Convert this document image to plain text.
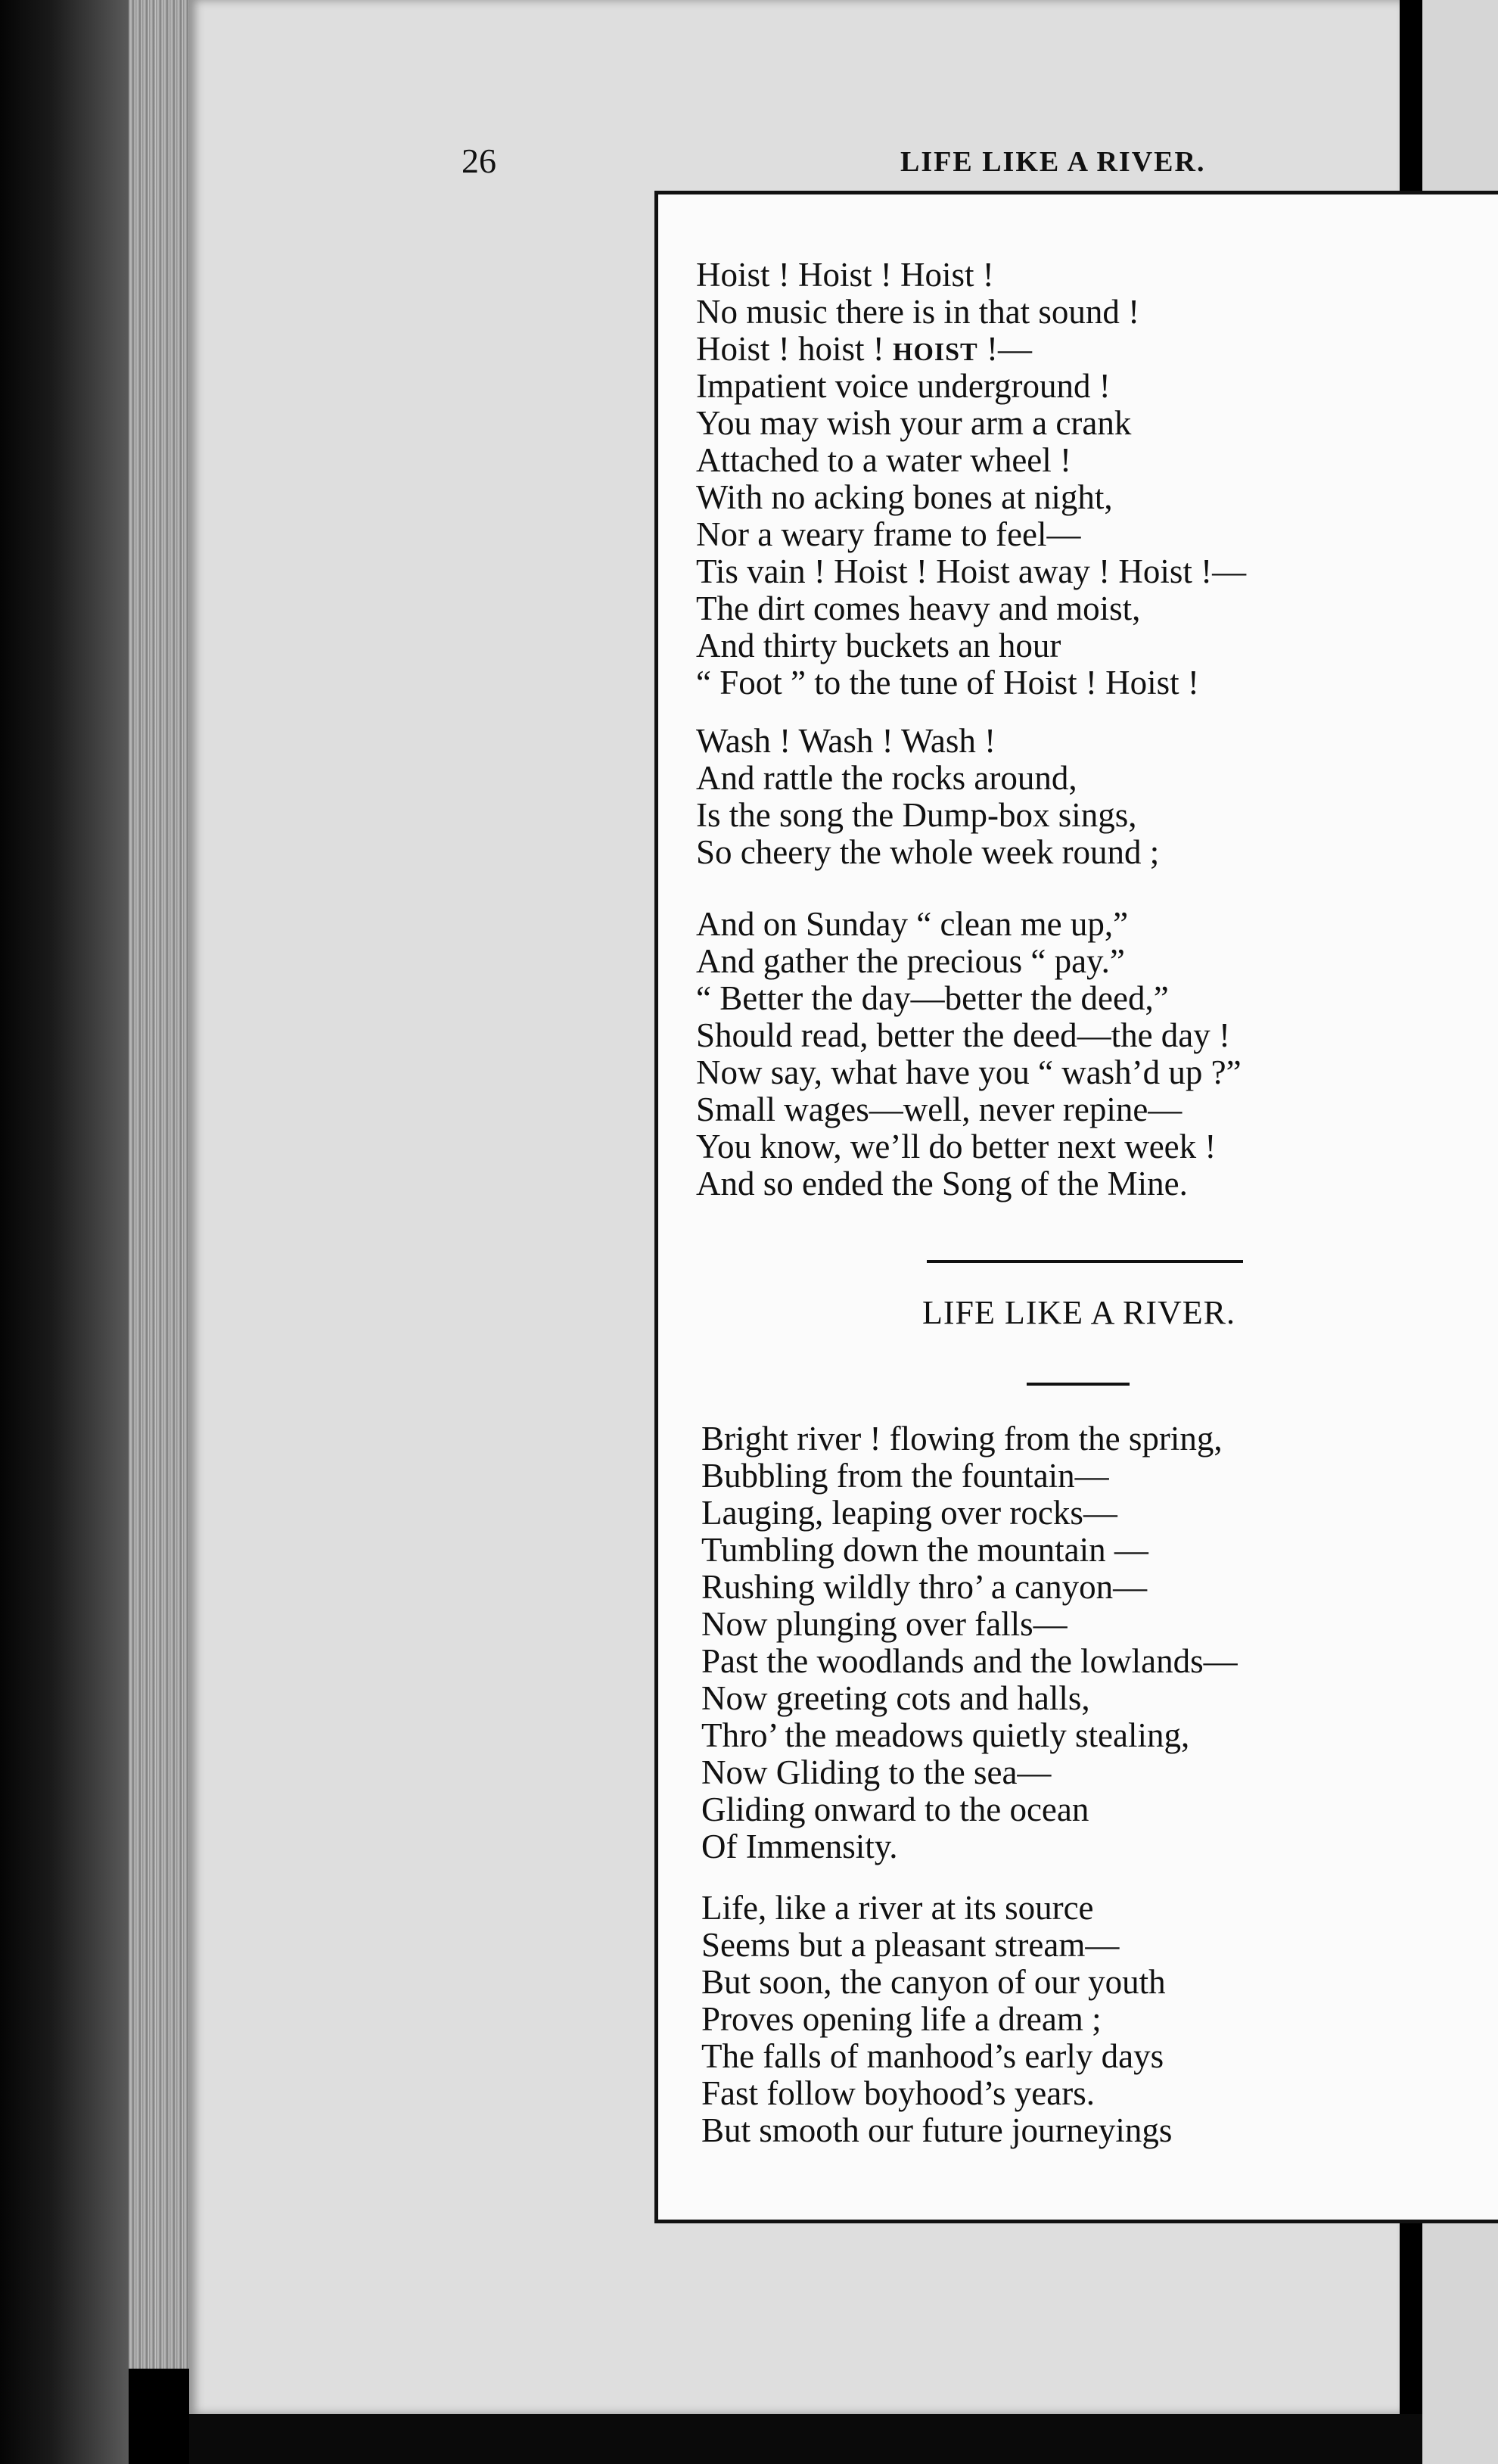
26	LIFE LIKE A RIVER.
Hoist ! Hoist ! Hoist !
No music there is in that sound !
Hoist ! hoist ! HOIST !—
Impatient voice underground !
You may wish your arm a crank
Attached to a water wheel !
With no acking bones at night,
Nor a weary frame to feel—
Tis vain ! Hoist ! Hoist away ! Hoist !—
The dirt comes heavy and moist,
And thirty buckets an hour
“ Foot ” to the tune of Hoist ! Hoist !
Wash ! Wash ! Wash !
And rattle the rocks around,
Is the song the Dump-box sings,
So cheery the whole week round ;
And on Sunday “ clean me up,”
And gather the precious “ pay.”
“ Better the day—better the deed,”
Should read, better the deed—the day !
Now say, what have you “ wash’d up ?”
Small wages—well, never repine—
You know, we’ll do better next week !
And so ended the Song of the Mine.
LIFE LIKE A RIVER.
Bright river ! flowing from the spring,
Bubbling from the fountain—
Lauging, leaping over rocks—
Tumbling down the mountain —
Rushing wildly thro’ a canyon—
Now plunging over falls—
Past the woodlands and the lowlands—
Now greeting cots and halls,
Thro’ the meadows quietly stealing,
Now Gliding to the sea—
Gliding onward to the ocean
Of Immensity.
Life, like a river at its source
Seems but a pleasant stream—
But soon, the canyon of our youth
Proves opening life a dream ;
The falls of manhood’s early days
Fast follow boyhood’s years.
But smooth our future journeyings
